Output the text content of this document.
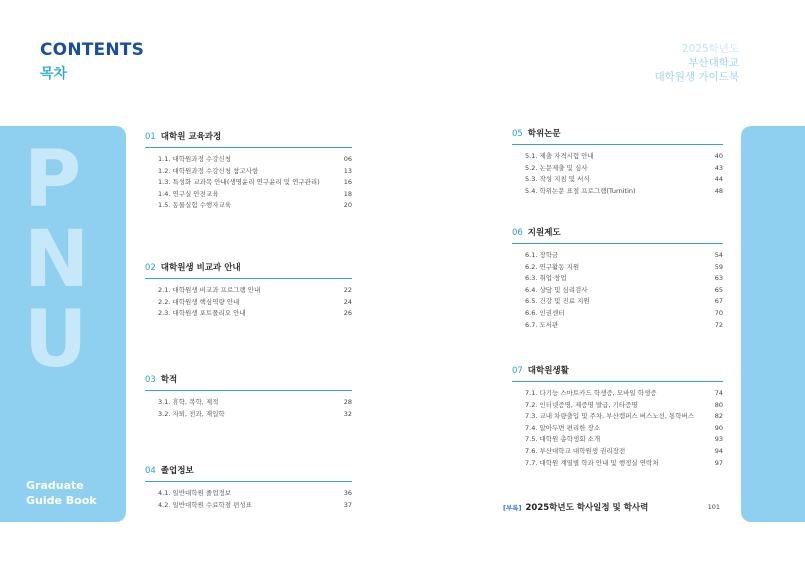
CONTENTS
목차
2025학년도
부산대학교
대학원생 가이드북
P
N
U
Graduate
Guide Book
01 대학원 교육과정
1.1. 대학원과정 수강신청	06
1.2. 대학원과정 수강신청 참고사항	13
1.3. 특성화 교과목 안내(생명윤리 연구윤리 및 연구관리)	16
1.4. 연구실 안전교육	18
1.5. 동물실험 수행자교육	20
02 대학원생 비교과 안내
2.1. 대학원생 비교과 프로그램 안내	22
2.2. 대학원생 핵심역량 안내	24
2.3. 대학원생 포트폴리오 안내	26
03 학적
3.1. 휴학, 복학, 제적	28
3.2. 자퇴, 전과, 재입학	32
04 졸업정보
4.1. 일반대학원 졸업정보	36
4.2. 일반대학원 수료학점 편성표	37
05 학위논문
5.1. 제출 자격시험 안내	40
5.2. 논문제출 및 심사	43
5.3. 작성 지침 및 서식	44
5.4. 학위논문 표절 프로그램(Turnitin)	48
06 지원제도
6.1. 장학금	54
6.2. 연구활동 지원	59
6.3. 취업·창업	63
6.4. 상담 및 심리검사	65
6.5. 건강 및 진료 지원	67
6.6. 인권센터	70
6.7. 도서관	72
07 대학원생활
7.1. 다기능 스마트카드 학생증, 모바일 학생증	74
7.2. 인터넷증명, 제증명 발급, 기타증명	80
7.3. 교내 차량출입 및 주차, 부산캠퍼스 버스노선, 통학버스	82
7.4. 알아두면 편리한 장소	90
7.5. 대학원 총학생회 소개	93
7.6. 부산대학교 대학원생 권리장전	94
7.7. 대학원 계열별 학과 안내 및 행정실 연락처	97
[부록] 2025학년도 학사일정 및 학사력	101
